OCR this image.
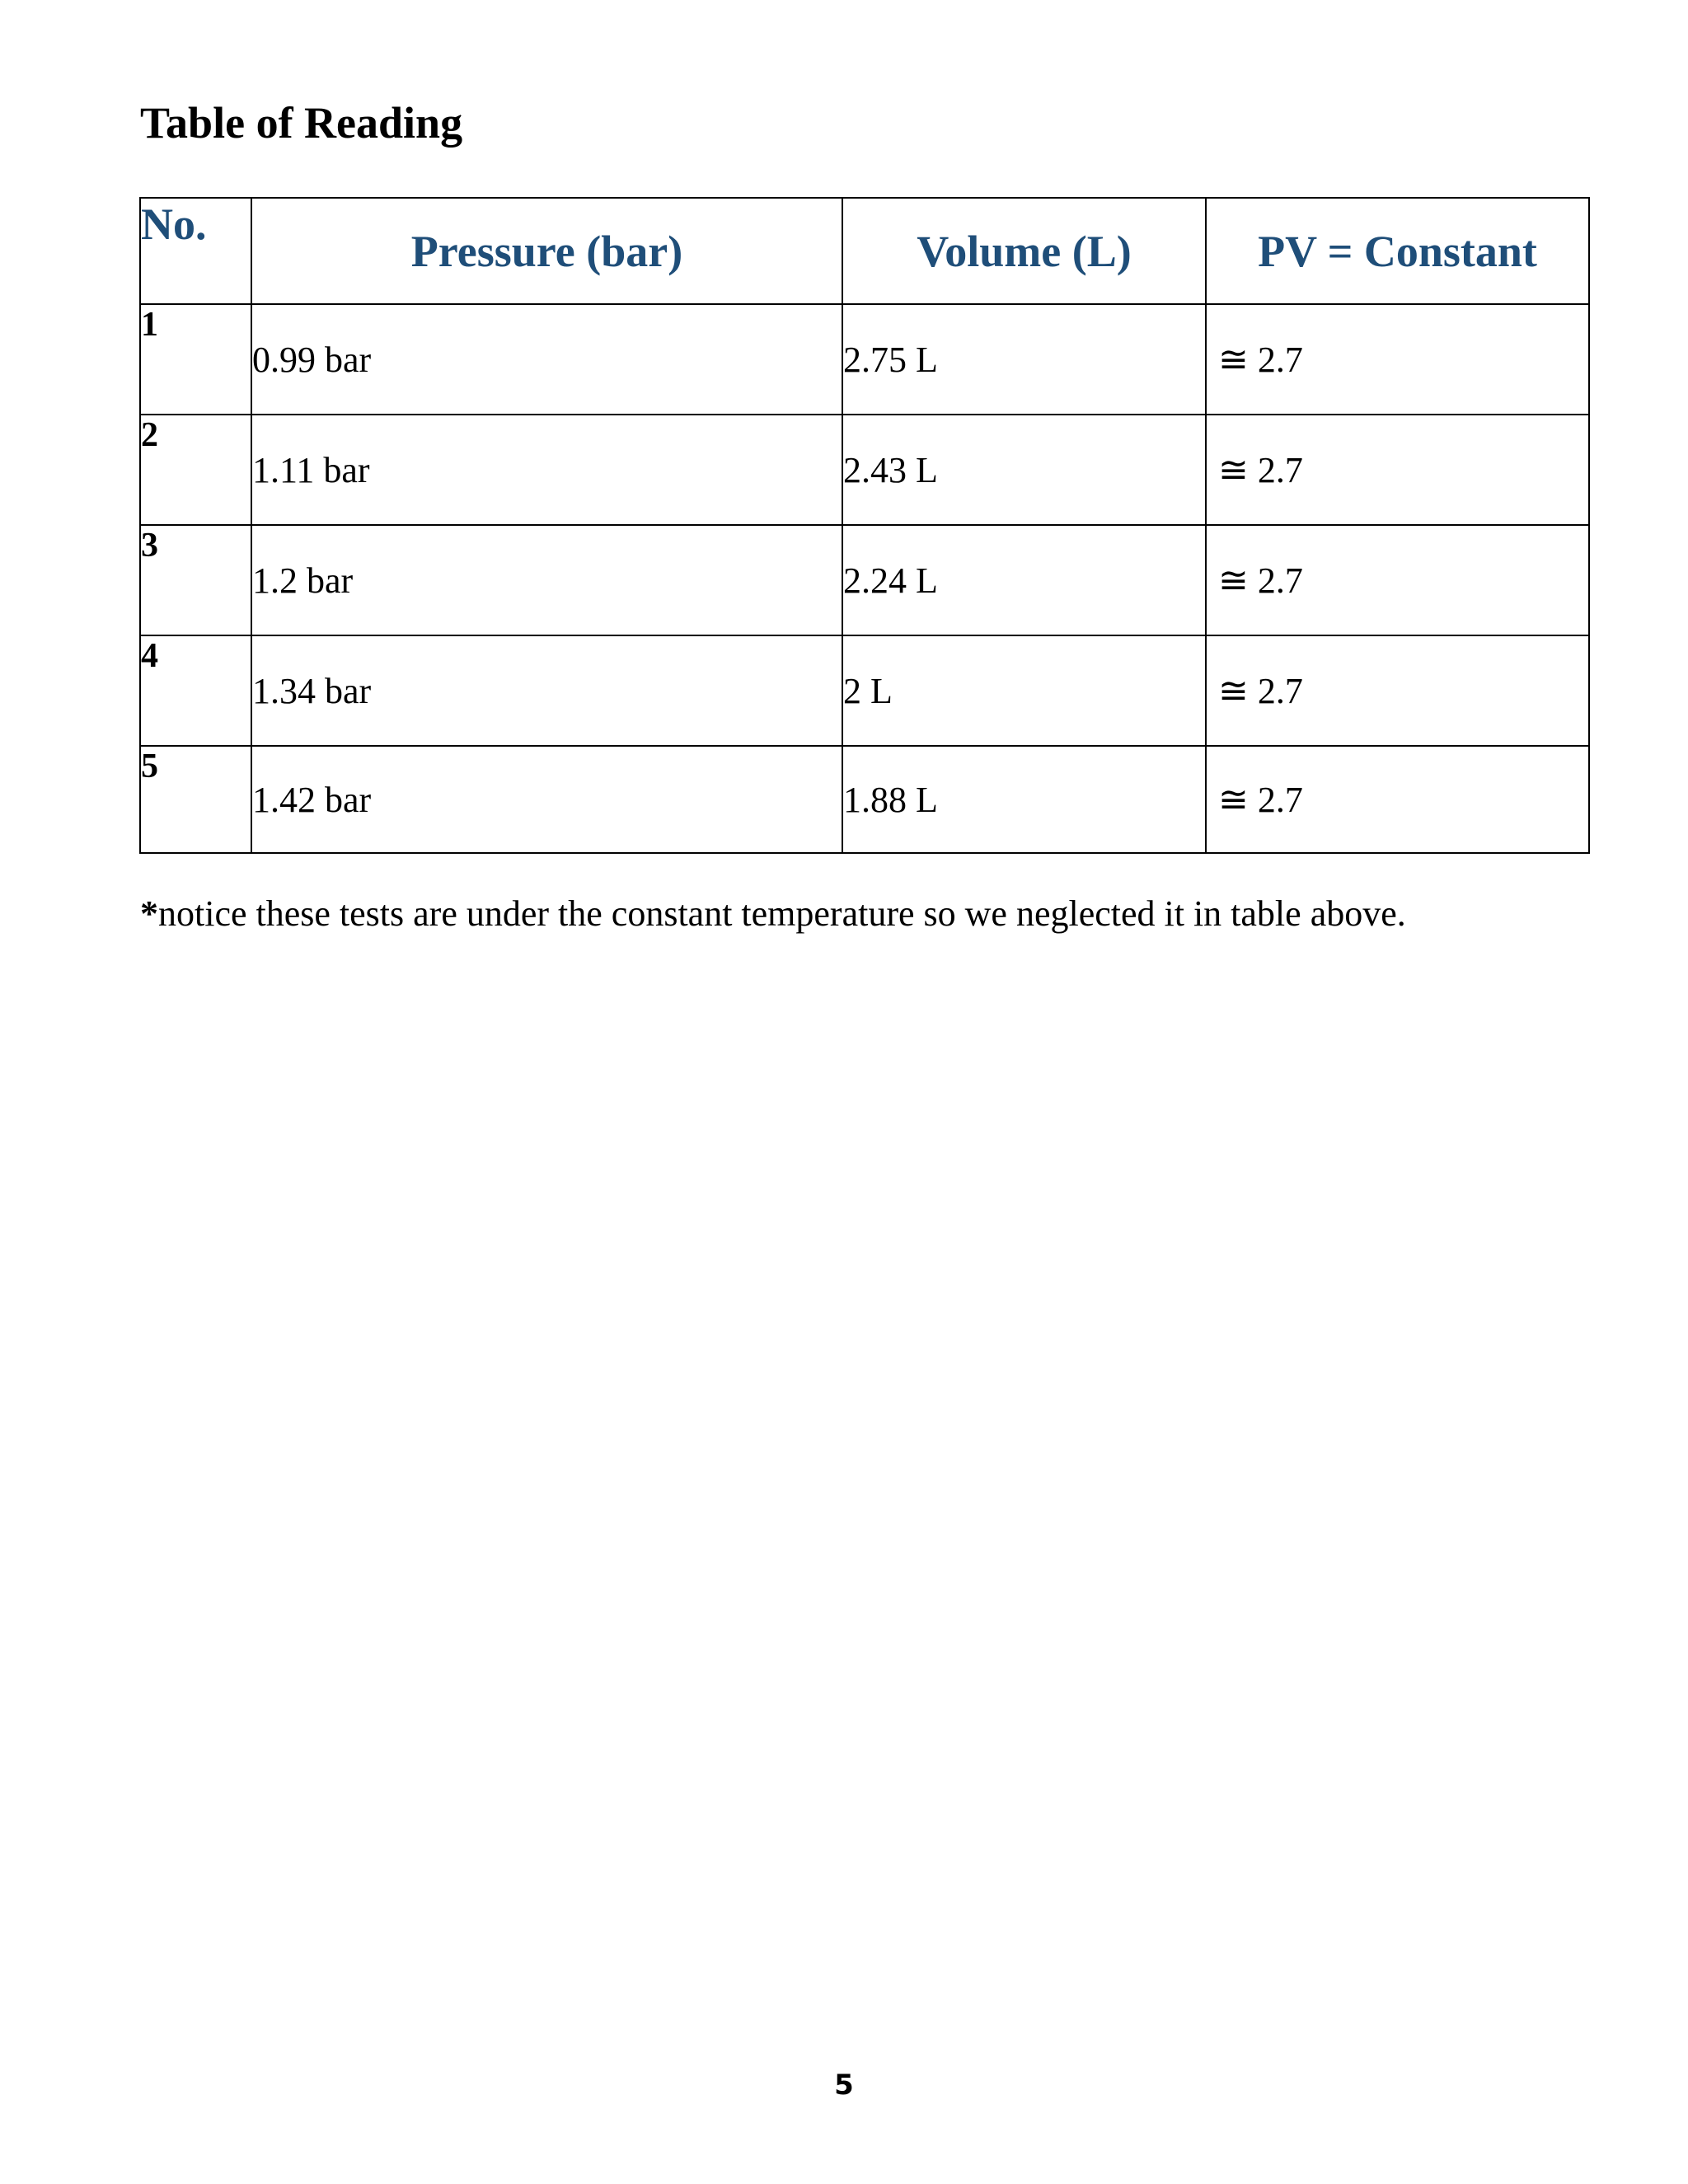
Table of Reading
No.	Pressure (bar)	Volume (L)	PV = Constant
1	0.99 bar	2.75 L	≅ 2.7
2	1.11 bar	2.43 L	≅ 2.7
3	1.2 bar	2.24 L	≅ 2.7
4	1.34 bar	2 L	≅ 2.7
5	1.42 bar	1.88 L	≅ 2.7

*notice these tests are under the constant temperature so we neglected it in table above.

5
